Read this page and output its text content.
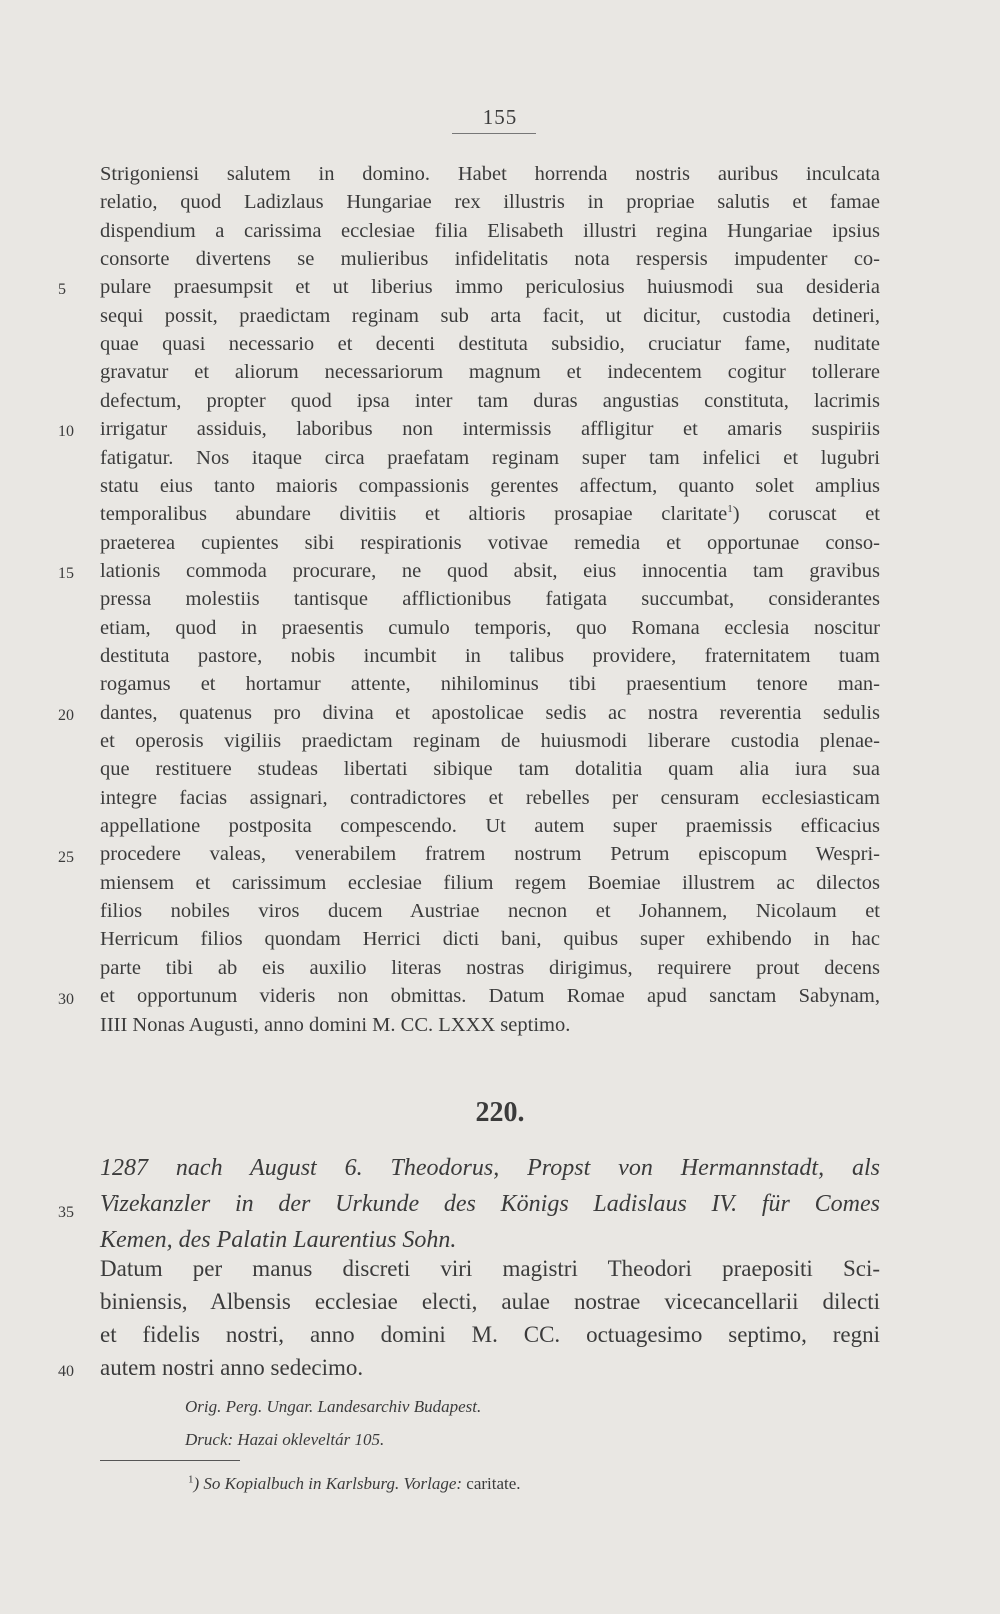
155
Strigoniensi salutem in domino. Habet horrenda nostris auribus inculcata
relatio, quod Ladizlaus Hungariae rex illustris in propriae salutis et famae
dispendium a carissima ecclesiae filia Elisabeth illustri regina Hungariae ipsius
consorte divertens se mulieribus infidelitatis nota respersis impudenter co-
pulare praesumpsit et ut liberius immo periculosius huiusmodi sua desideria
sequi possit, praedictam reginam sub arta facit, ut dicitur, custodia detineri,
quae quasi necessario et decenti destituta subsidio, cruciatur fame, nuditate
gravatur et aliorum necessariorum magnum et indecentem cogitur tollerare
defectum, propter quod ipsa inter tam duras angustias constituta, lacrimis
irrigatur assiduis, laboribus non intermissis affligitur et amaris suspiriis
fatigatur. Nos itaque circa praefatam reginam super tam infelici et lugubri
statu eius tanto maioris compassionis gerentes affectum, quanto solet amplius
temporalibus abundare divitiis et altioris prosapiae claritate$^1$) coruscat et
praeterea cupientes sibi respirationis votivae remedia et opportunae conso-
lationis commoda procurare, ne quod absit, eius innocentia tam gravibus
pressa molestiis tantisque afflictionibus fatigata succumbat, considerantes
etiam, quod in praesentis cumulo temporis, quo Romana ecclesia noscitur
destituta pastore, nobis incumbit in talibus providere, fraternitatem tuam
rogamus et hortamur attente, nihilominus tibi praesentium tenore man-
dantes, quatenus pro divina et apostolicae sedis ac nostra reverentia sedulis
et operosis vigiliis praedictam reginam de huiusmodi liberare custodia plenae-
que restituere studeas libertati sibique tam dotalitia quam alia iura sua
integre facias assignari, contradictores et rebelles per censuram ecclesiasticam
appellatione postposita compescendo. Ut autem super praemissis efficacius
procedere valeas, venerabilem fratrem nostrum Petrum episcopum Wespri-
miensem et carissimum ecclesiae filium regem Boemiae illustrem ac dilectos
filios nobiles viros ducem Austriae necnon et Johannem, Nicolaum et
Herricum filios quondam Herrici dicti bani, quibus super exhibendo in hac
parte tibi ab eis auxilio literas nostras dirigimus, requirere prout decens
et opportunum videris non obmittas. Datum Romae apud sanctam Sabynam,
IIII Nonas Augusti, anno domini M. CC. LXXX septimo.
5
10
15
20
25
30
35
40
220.
1287 nach August 6. Theodorus, Propst von Hermannstadt, als
Vizekanzler in der Urkunde des Königs Ladislaus IV. für Comes
Kemen, des Palatin Laurentius Sohn.
Datum per manus discreti viri magistri Theodori praepositi Sci-
biniensis, Albensis ecclesiae electi, aulae nostrae vicecancellarii dilecti
et fidelis nostri, anno domini M. CC. octuagesimo septimo, regni
autem nostri anno sedecimo.
Orig. Perg. Ungar. Landesarchiv Budapest.
Druck: Hazai okleveltár 105.
$^1$) So Kopialbuch in Karlsburg. Vorlage: caritate.
